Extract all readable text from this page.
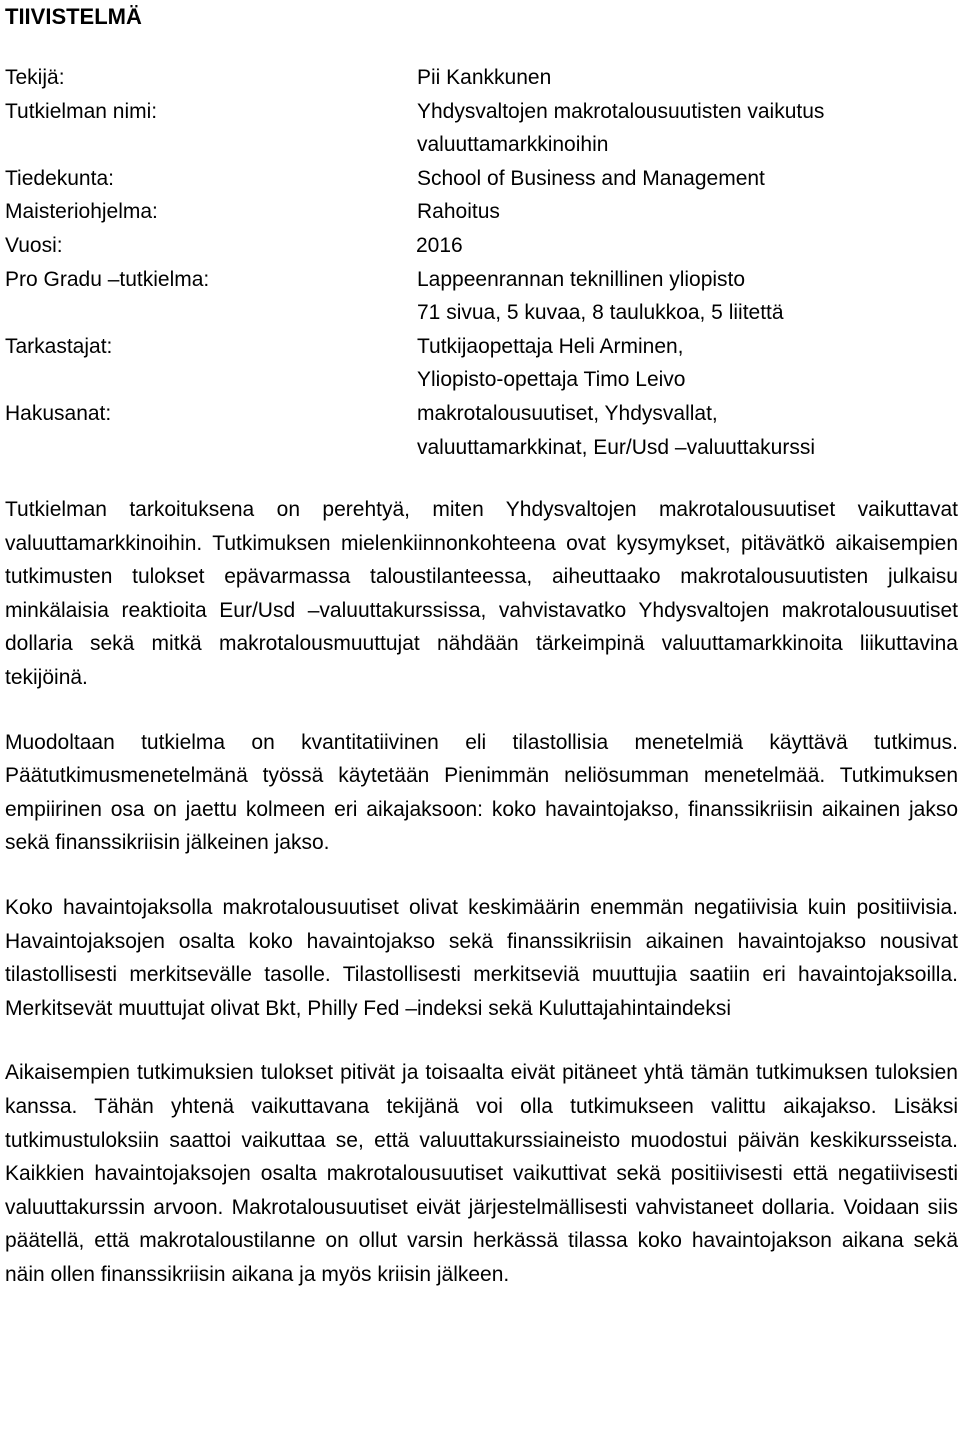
TIIVISTELMÄ
Tekijä:	Pii Kankkunen
Tutkielman nimi:	Yhdysvaltojen makrotalousuutisten vaikutus
valuuttamarkkinoihin
Tiedekunta:	School of Business and Management
Maisteriohjelma:	Rahoitus
Vuosi:	2016
Pro Gradu –tutkielma:	Lappeenrannan teknillinen yliopisto
71 sivua, 5 kuvaa, 8 taulukkoa, 5 liitettä
Tarkastajat:	Tutkijaopettaja Heli Arminen,
Yliopisto-opettaja Timo Leivo
Hakusanat:	makrotalousuutiset, Yhdysvallat,
valuuttamarkkinat, Eur/Usd –valuuttakurssi

Tutkielman tarkoituksena on perehtyä, miten Yhdysvaltojen makrotalousuutiset vaikuttavat valuuttamarkkinoihin. Tutkimuksen mielenkiinnonkohteena ovat kysymykset, pitävätkö aikaisempien tutkimusten tulokset epävarmassa taloustilanteessa, aiheuttaako makrotalousuutisten julkaisu minkälaisia reaktioita Eur/Usd –valuuttakurssissa, vahvistavatko Yhdysvaltojen makrotalousuutiset dollaria sekä mitkä makrotalousmuuttujat nähdään tärkeimpinä valuuttamarkkinoita liikuttavina tekijöinä.

Muodoltaan tutkielma on kvantitatiivinen eli tilastollisia menetelmiä käyttävä tutkimus. Päätutkimusmenetelmänä työssä käytetään Pienimmän neliösumman menetelmää. Tutkimuksen empiirinen osa on jaettu kolmeen eri aikajaksoon: koko havaintojakso, finanssikriisin aikainen jakso sekä finanssikriisin jälkeinen jakso.

Koko havaintojaksolla makrotalousuutiset olivat keskimäärin enemmän negatiivisia kuin positiivisia. Havaintojaksojen osalta koko havaintojakso sekä finanssikriisin aikainen havaintojakso nousivat tilastollisesti merkitsevälle tasolle. Tilastollisesti merkitseviä muuttujia saatiin eri havaintojaksoilla. Merkitsevät muuttujat olivat Bkt, Philly Fed –indeksi sekä Kuluttajahintaindeksi

Aikaisempien tutkimuksien tulokset pitivät ja toisaalta eivät pitäneet yhtä tämän tutkimuksen tuloksien kanssa. Tähän yhtenä vaikuttavana tekijänä voi olla tutkimukseen valittu aikajakso. Lisäksi tutkimustuloksiin saattoi vaikuttaa se, että valuuttakurssiaineisto muodostui päivän keskikursseista. Kaikkien havaintojaksojen osalta makrotalousuutiset vaikuttivat sekä positiivisesti että negatiivisesti valuuttakurssin arvoon. Makrotalousuutiset eivät järjestelmällisesti vahvistaneet dollaria. Voidaan siis päätellä, että makrotaloustilanne on ollut varsin herkässä tilassa koko havaintojakson aikana sekä näin ollen finanssikriisin aikana ja myös kriisin jälkeen.
